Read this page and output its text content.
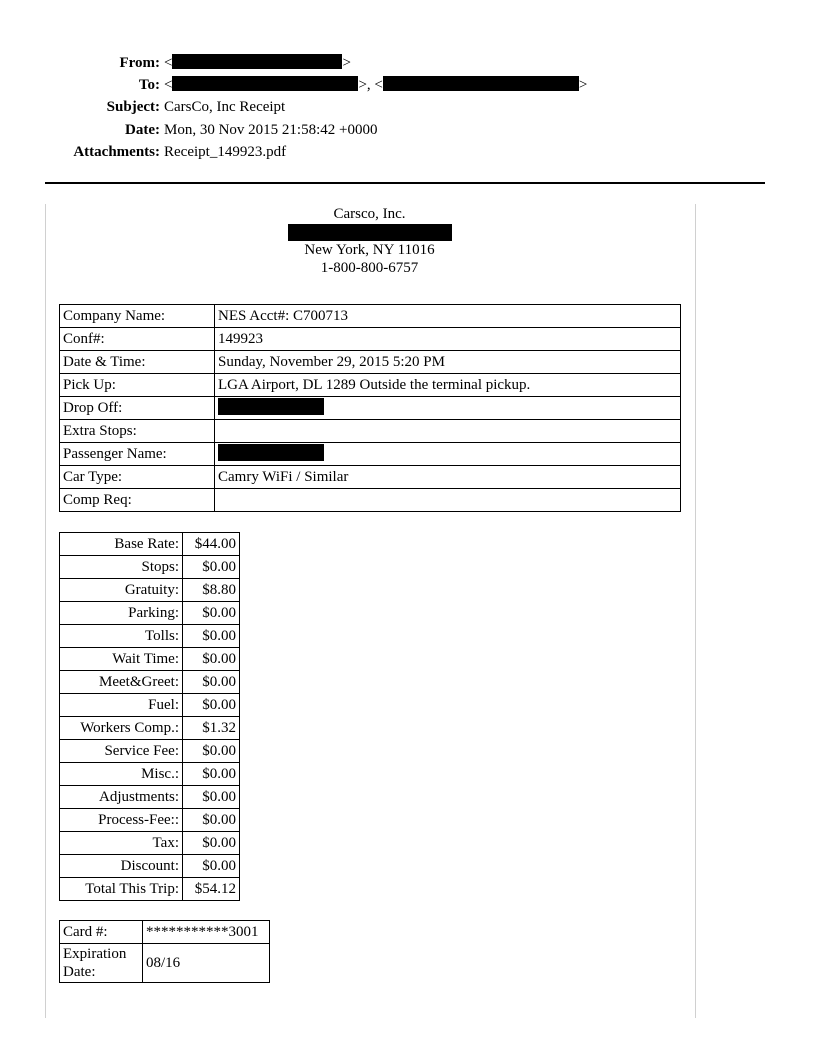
From: <	>
To: <	>, <	>
Subject: CarsCo, Inc Receipt
Date: Mon, 30 Nov 2015 21:58:42 +0000
Attachments: Receipt_149923.pdf
Carsco, Inc.
New York, NY 11016
1-800-800-6757
Company Name:	NES Acct#: C700713
Conf#:	149923
Date & Time:	Sunday, November 29, 2015 5:20 PM
Pick Up:	LGA Airport, DL 1289 Outside the terminal pickup.
Drop Off:	
Extra Stops:	
Passenger Name:	
Car Type:	Camry WiFi / Similar
Comp Req:	
Base Rate:	$44.00
Stops:	$0.00
Gratuity:	$8.80
Parking:	$0.00
Tolls:	$0.00
Wait Time:	$0.00
Meet&Greet:	$0.00
Fuel:	$0.00
Workers Comp.:	$1.32
Service Fee:	$0.00
Misc.:	$0.00
Adjustments:	$0.00
Process-Fee::	$0.00
Tax:	$0.00
Discount:	$0.00
Total This Trip:	$54.12
Card #:	***********3001
Expiration Date:	08/16
